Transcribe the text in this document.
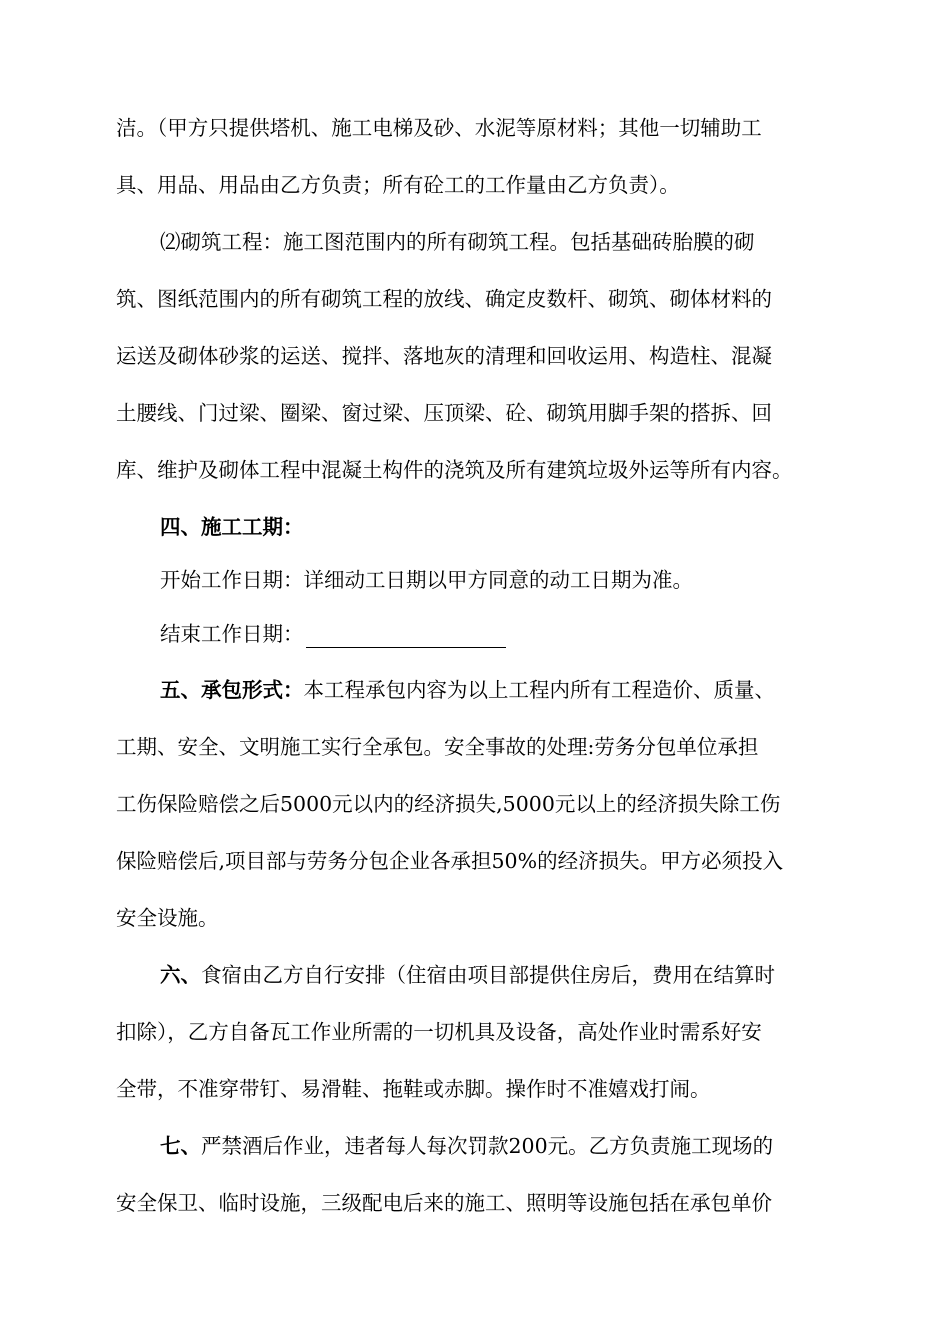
洁。（甲方只提供塔机、施工电梯及砂、水泥等原材料；其他一切辅助工
具、用品、用品由乙方负责；所有砼工的工作量由乙方负责）。
⑵砌筑工程：施工图范围内的所有砌筑工程。包括基础砖胎膜的砌
筑、图纸范围内的所有砌筑工程的放线、确定皮数杆、砌筑、砌体材料的
运送及砌体砂浆的运送、搅拌、落地灰的清理和回收运用、构造柱、混凝
土腰线、门过梁、圈梁、窗过梁、压顶梁、砼、砌筑用脚手架的搭拆、回
库、维护及砌体工程中混凝土构件的浇筑及所有建筑垃圾外运等所有内容。
四、施工工期：
开始工作日期：详细动工日期以甲方同意的动工日期为准。
结束工作日期：
五、承包形式：本工程承包内容为以上工程内所有工程造价、质量、
工期、安全、文明施工实行全承包。安全事故的处理:劳务分包单位承担
工伤保险赔偿之后5000元以内的经济损失,5000元以上的经济损失除工伤
保险赔偿后,项目部与劳务分包企业各承担50%的经济损失。甲方必须投入
安全设施。
六、食宿由乙方自行安排（住宿由项目部提供住房后，费用在结算时
扣除），乙方自备瓦工作业所需的一切机具及设备，高处作业时需系好安
全带，不准穿带钉、易滑鞋、拖鞋或赤脚。操作时不准嬉戏打闹。
七、严禁酒后作业，违者每人每次罚款200元。乙方负责施工现场的
安全保卫、临时设施，三级配电后来的施工、照明等设施包括在承包单价
